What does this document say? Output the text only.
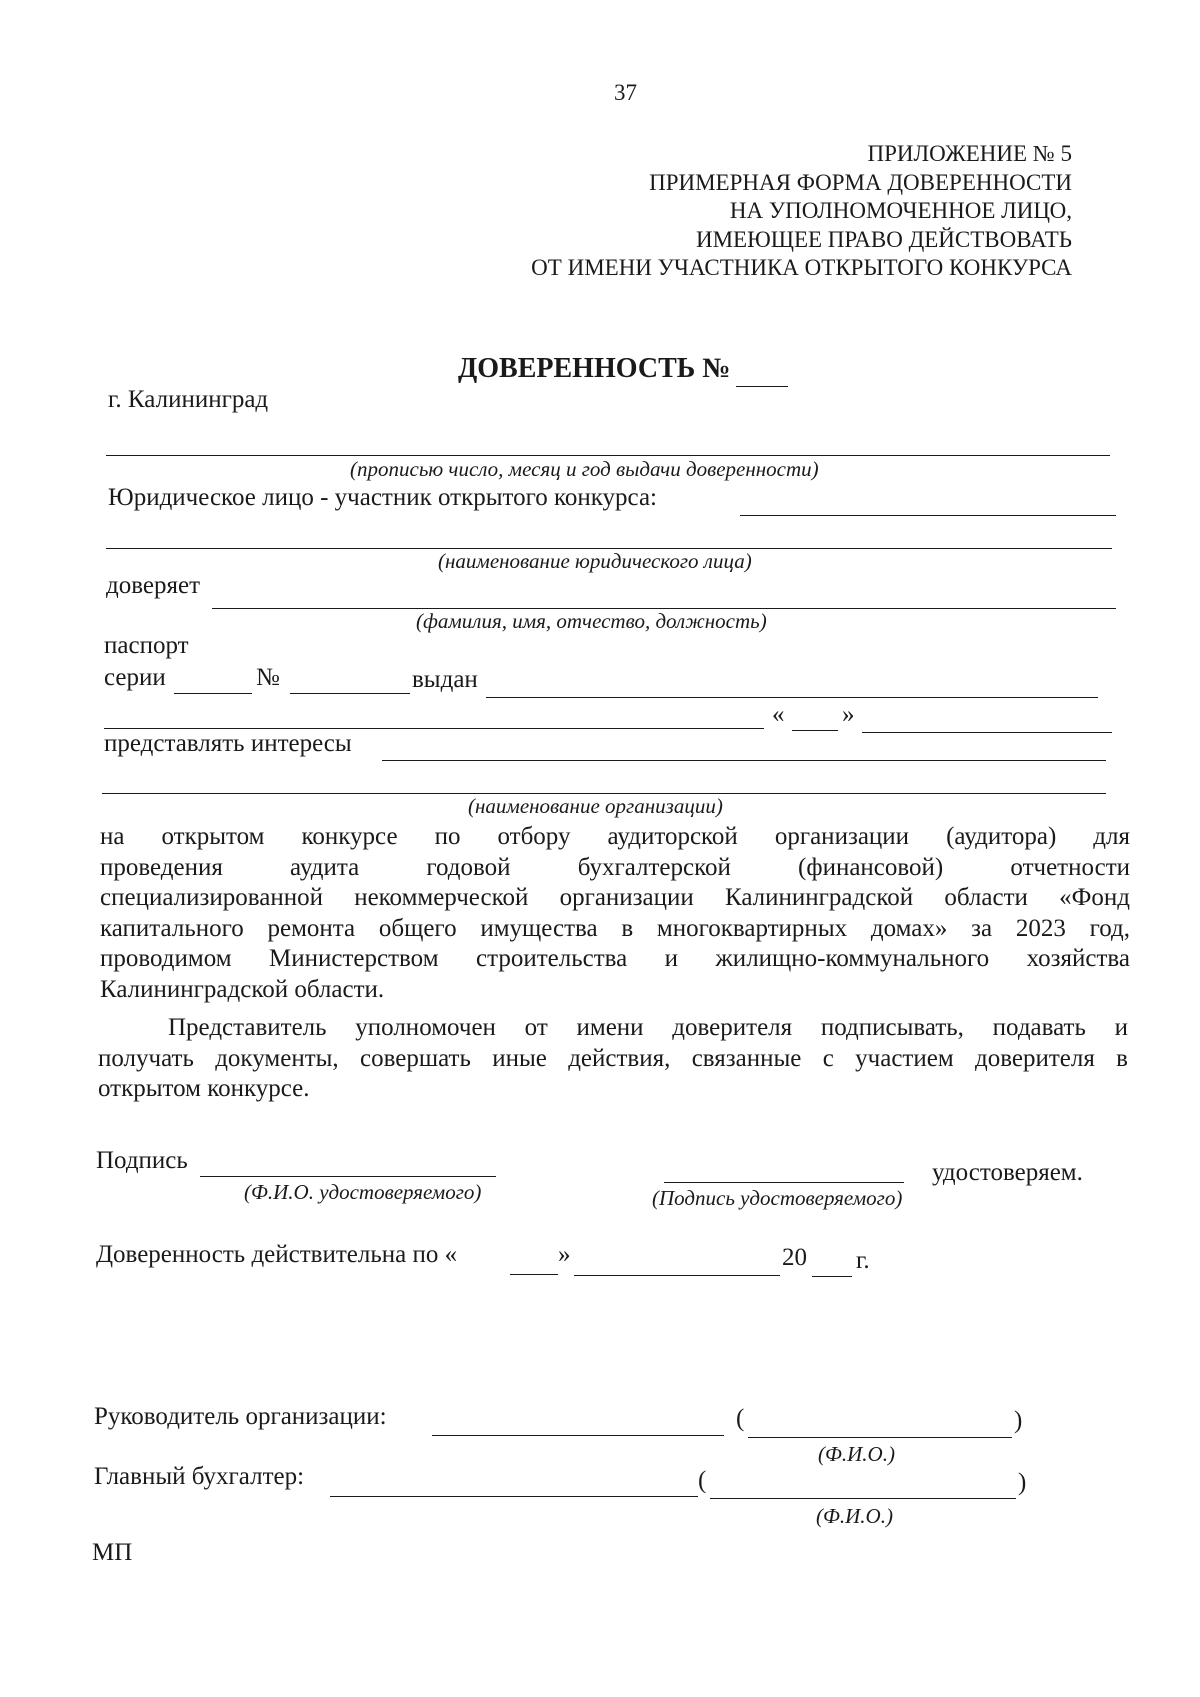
37
ПРИЛОЖЕНИЕ № 5
ПРИМЕРНАЯ ФОРМА ДОВЕРЕННОСТИ
НА УПОЛНОМОЧЕННОЕ ЛИЦО,
ИМЕЮЩЕЕ ПРАВО ДЕЙСТВОВАТЬ
ОТ ИМЕНИ УЧАСТНИКА ОТКРЫТОГО КОНКУРСА
ДОВЕРЕННОСТЬ №
г. Калининград
(прописью число, месяц и год выдачи доверенности)
Юридическое лицо - участник открытого конкурса:
(наименование юридического лица)
доверяет
(фамилия, имя, отчество, должность)
паспорт
серии	№	выдан
« »
представлять интересы
(наименование организации)
на открытом конкурсе по отбору аудиторской организации (аудитора) для
проведения аудита годовой бухгалтерской (финансовой) отчетности
специализированной некоммерческой организации Калининградской области «Фонд
капитального ремонта общего имущества в многоквартирных домах» за 2023 год,
проводимом Министерством строительства и жилищно-коммунального хозяйства
Калининградской области.
Представитель уполномочен от имени доверителя подписывать, подавать и
получать документы, совершать иные действия, связанные с участием доверителя в
открытом конкурсе.
Подпись
(Ф.И.О. удостоверяемого)	(Подпись удостоверяемого)
удостоверяем.
Доверенность действительна по «	»	20 г.
Руководитель организации:	(	)
(Ф.И.О.)
Главный бухгалтер:	(	)
(Ф.И.О.)
МП
